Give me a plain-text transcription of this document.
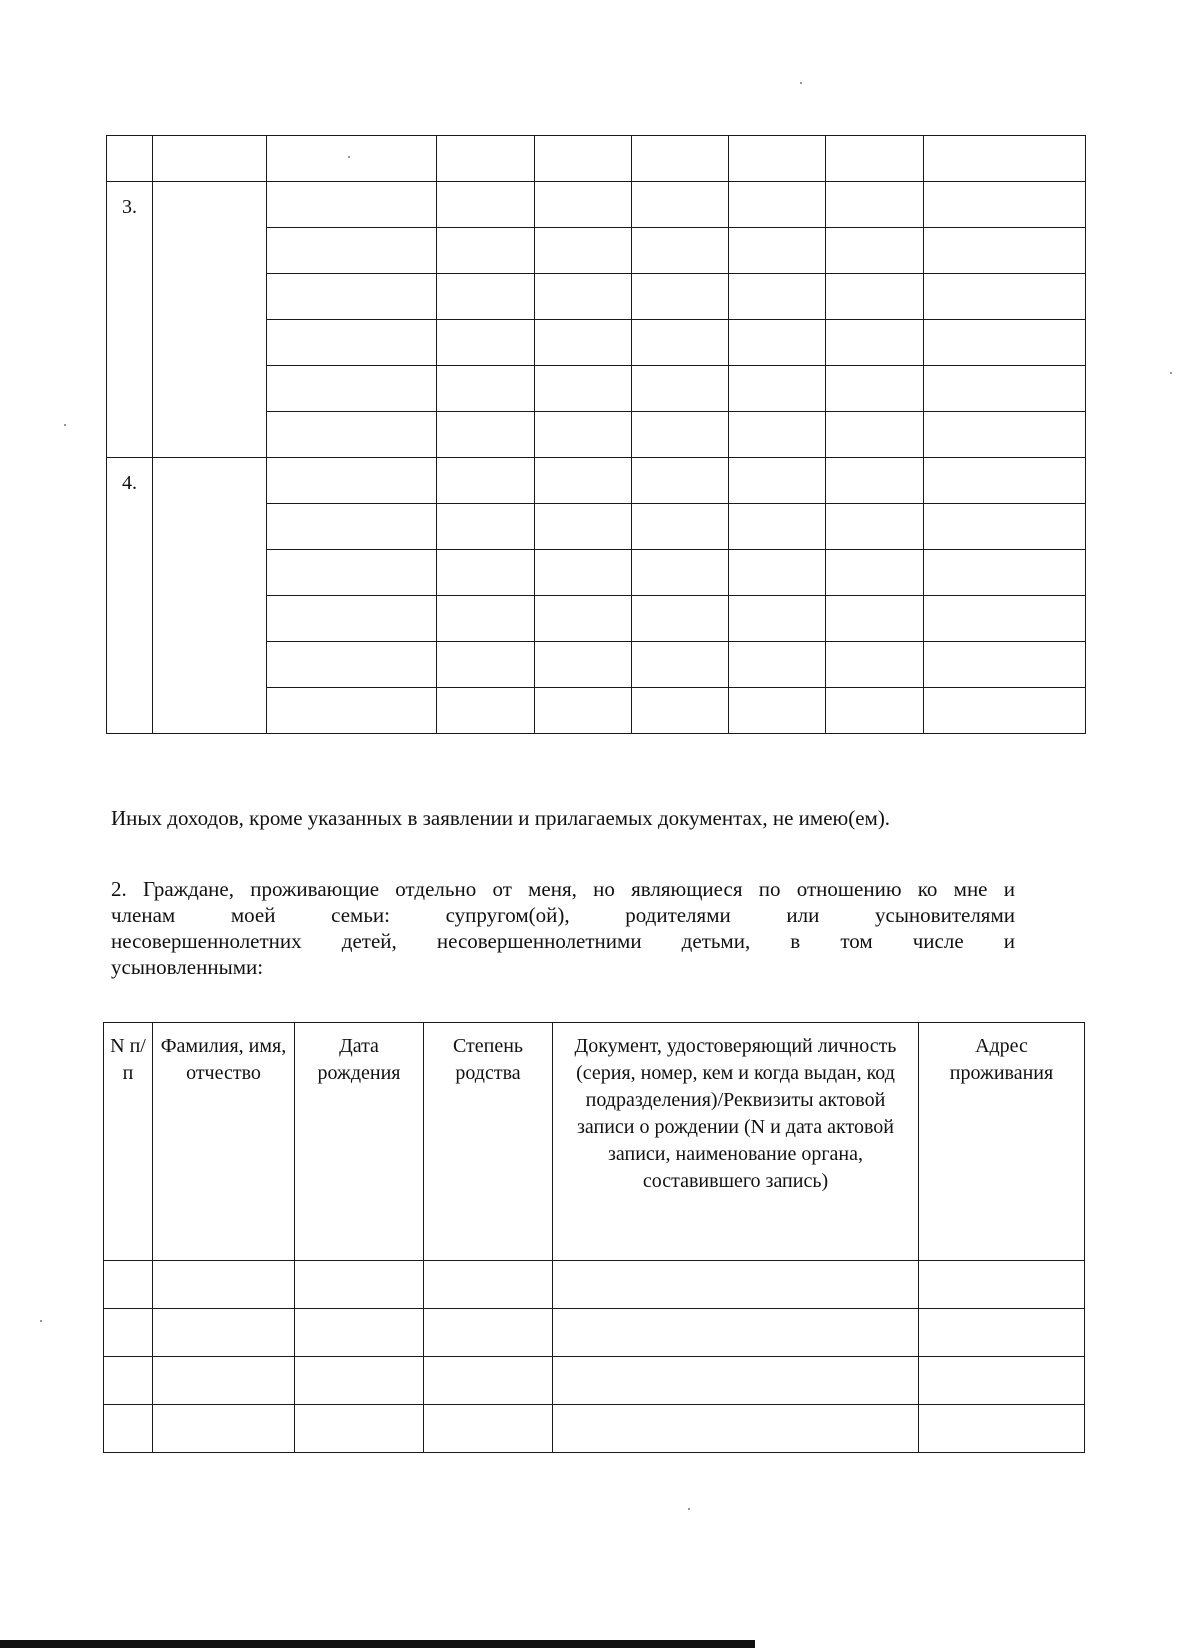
3.								

4.								

Иных доходов, кроме указанных в заявлении и прилагаемых документах, не имею(ем).
2. Граждане, проживающие отдельно от меня, но являющиеся по отношению ко мне и
членам моей семьи: супругом(ой), родителями или усыновителями
несовершеннолетних детей, несовершеннолетними детьми, в том числе и
усыновленными:
N п/п	Фамилия, имя, отчество	Дата рождения	Степень родства	Документ, удостоверяющий личность (серия, номер, кем и когда выдан, код подразделения)/Реквизиты актовой записи о рождении (N и дата актовой записи, наименование органа, составившего запись)	Адрес проживания
